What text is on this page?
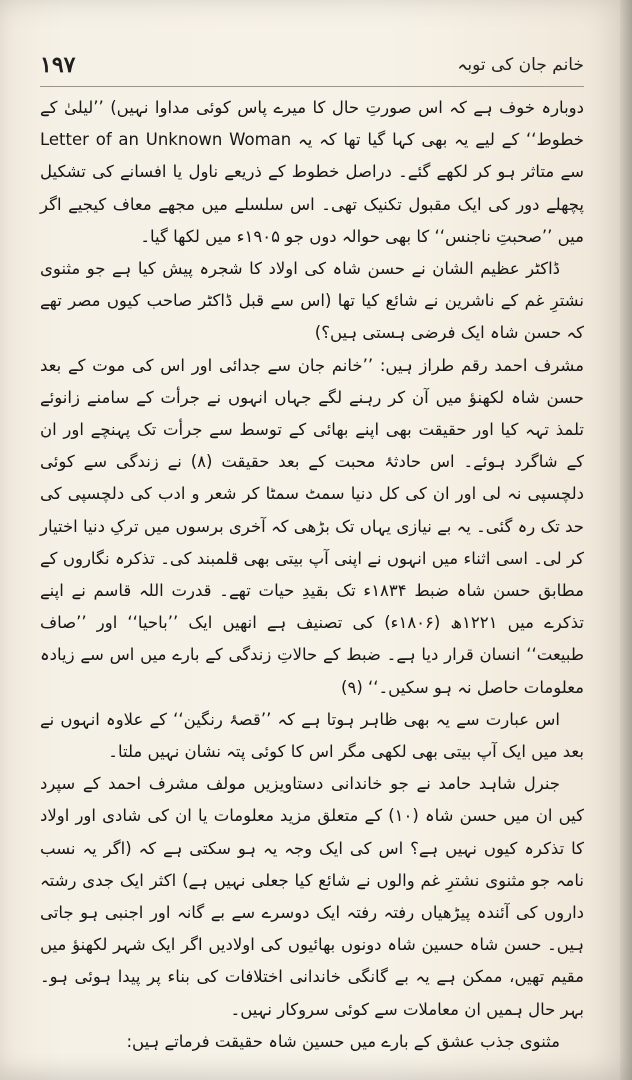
۱۹۷	خانم جان کی توبہ

دوبارہ خوف ہے کہ اس صورتِ حال کا میرے پاس کوئی مداوا نہیں) ’’لیلیٰ کے خطوط‘‘ کے لیے یہ بھی کہا گیا تھا کہ یہ Letter of an Unknown Woman سے متاثر ہو کر لکھے گئے۔ دراصل خطوط کے ذریعے ناول یا افسانے کی تشکیل پچھلے دور کی ایک مقبول تکنیک تھی۔ اس سلسلے میں مجھے معاف کیجیے اگر میں ’’صحبتِ ناجنس‘‘ کا بھی حوالہ دوں جو ۱۹۰۵ء میں لکھا گیا۔

ڈاکٹر عظیم الشان نے حسن شاہ کی اولاد کا شجرہ پیش کیا ہے جو مثنوی نشترِ غم کے ناشرین نے شائع کیا تھا (اس سے قبل ڈاکٹر صاحب کیوں مصر تھے کہ حسن شاہ ایک فرضی ہستی ہیں؟)

مشرف احمد رقم طراز ہیں: ’’خانم جان سے جدائی اور اس کی موت کے بعد حسن شاہ لکھنؤ میں آن کر رہنے لگے جہاں انہوں نے جرأت کے سامنے زانوئے تلمذ تہہ کیا اور حقیقت بھی اپنے بھائی کے توسط سے جرأت تک پہنچے اور ان کے شاگرد ہوئے۔ اس حادثۂ محبت کے بعد حقیقت (۸) نے زندگی سے کوئی دلچسپی نہ لی اور ان کی کل دنیا سمٹ سمٹا کر شعر و ادب کی دلچسپی کی حد تک رہ گئی۔ یہ بے نیازی یہاں تک بڑھی کہ آخری برسوں میں ترکِ دنیا اختیار کر لی۔ اسی اثناء میں انہوں نے اپنی آپ بیتی بھی قلمبند کی۔ تذکرہ نگاروں کے مطابق حسن شاہ ضبط ۱۸۳۴ء تک بقیدِ حیات تھے۔ قدرت اللہ قاسم نے اپنے تذکرے میں ۱۲۲۱ھ (۱۸۰۶ء) کی تصنیف ہے انھیں ایک ’’باحیا‘‘ اور ’’صاف طبیعت‘‘ انسان قرار دیا ہے۔ ضبط کے حالاتِ زندگی کے بارے میں اس سے زیادہ معلومات حاصل نہ ہو سکیں۔‘‘ (۹)

اس عبارت سے یہ بھی ظاہر ہوتا ہے کہ ’’قصۂ رنگین‘‘ کے علاوہ انہوں نے بعد میں ایک آپ بیتی بھی لکھی مگر اس کا کوئی پتہ نشان نہیں ملتا۔

جنرل شاہد حامد نے جو خاندانی دستاویزیں مولف مشرف احمد کے سپرد کیں ان میں حسن شاہ (۱۰) کے متعلق مزید معلومات یا ان کی شادی اور اولاد کا تذکرہ کیوں نہیں ہے؟ اس کی ایک وجہ یہ ہو سکتی ہے کہ (اگر یہ نسب نامہ جو مثنوی نشترِ غم والوں نے شائع کیا جعلی نہیں ہے) اکثر ایک جدی رشتہ داروں کی آئندہ پیڑھیاں رفتہ رفتہ ایک دوسرے سے بے گانہ اور اجنبی ہو جاتی ہیں۔ حسن شاہ حسین شاہ دونوں بھائیوں کی اولادیں اگر ایک شہر لکھنؤ میں مقیم تھیں، ممکن ہے یہ بے گانگی خاندانی اختلافات کی بناء پر پیدا ہوئی ہو۔ بہر حال ہمیں ان معاملات سے کوئی سروکار نہیں۔

مثنوی جذب عشق کے بارے میں حسین شاہ حقیقت فرماتے ہیں:
